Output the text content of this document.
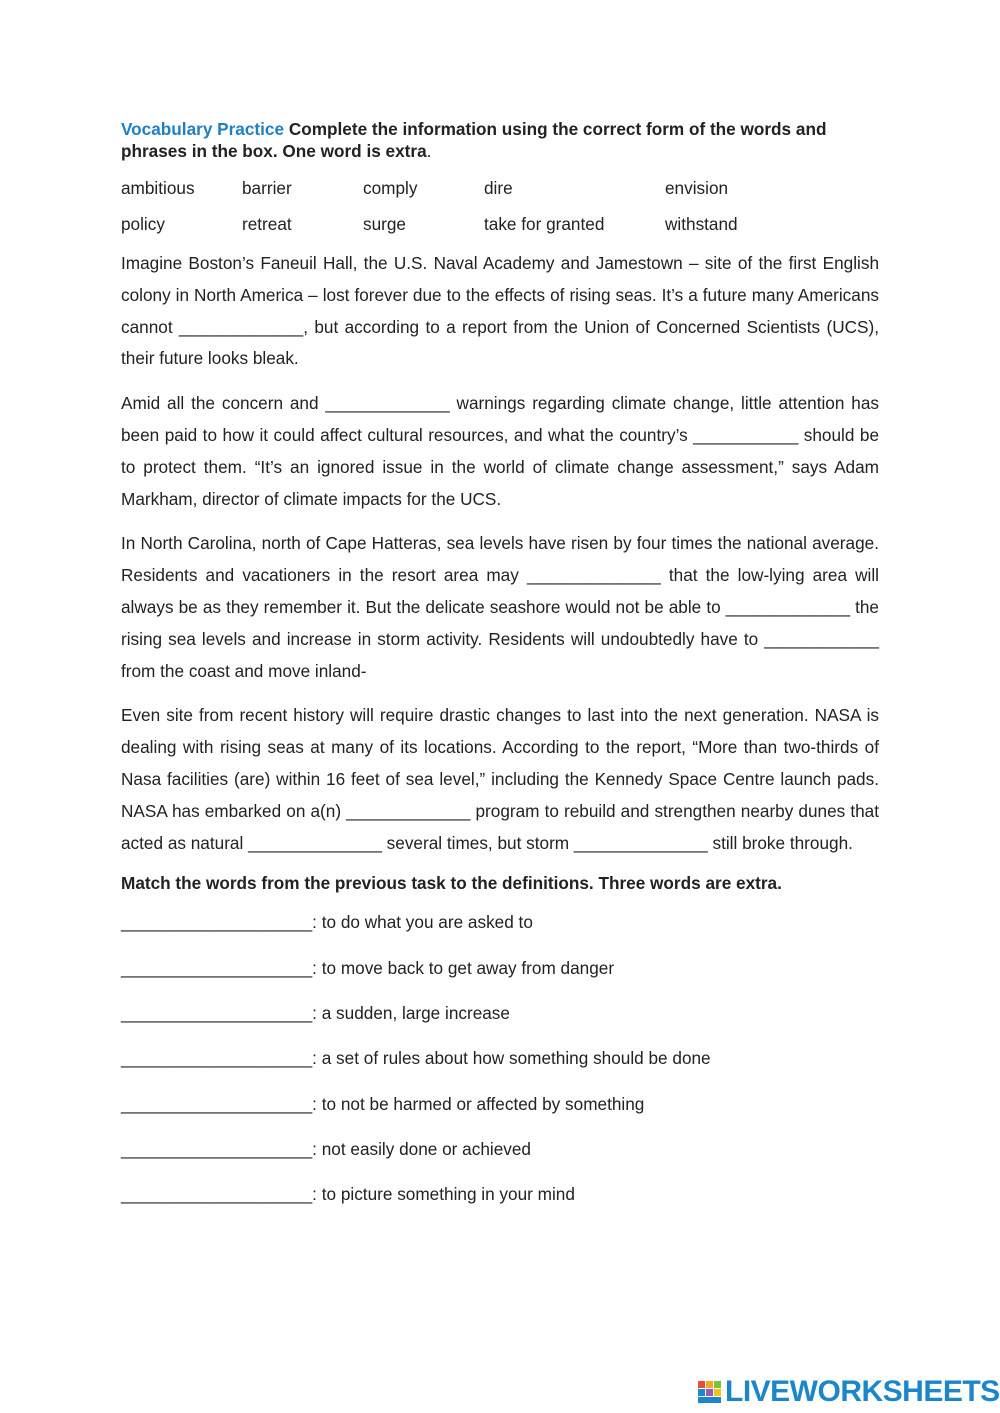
Vocabulary Practice Complete the information using the correct form of the words and phrases in the box. One word is extra.

ambitious	barrier	comply	dire	envision
policy	retreat	surge	take for granted	withstand

Imagine Boston’s Faneuil Hall, the U.S. Naval Academy and Jamestown – site of the first English colony in North America – lost forever due to the effects of rising seas. It’s a future many Americans cannot _____________, but according to a report from the Union of Concerned Scientists (UCS), their future looks bleak.

Amid all the concern and _____________ warnings regarding climate change, little attention has been paid to how it could affect cultural resources, and what the country’s ___________ should be to protect them. “It’s an ignored issue in the world of climate change assessment,” says Adam Markham, director of climate impacts for the UCS.

In North Carolina, north of Cape Hatteras, sea levels have risen by four times the national average. Residents and vacationers in the resort area may ______________ that the low-lying area will always be as they remember it. But the delicate seashore would not be able to _____________ the rising sea levels and increase in storm activity. Residents will undoubtedly have to ____________ from the coast and move inland-

Even site from recent history will require drastic changes to last into the next generation. NASA is dealing with rising seas at many of its locations. According to the report, “More than two-thirds of Nasa facilities (are) within 16 feet of sea level,” including the Kennedy Space Centre launch pads. NASA has embarked on a(n) _____________ program to rebuild and strengthen nearby dunes that acted as natural ______________ several times, but storm ______________ still broke through.

Match the words from the previous task to the definitions. Three words are extra.

____________________: to do what you are asked to
____________________: to move back to get away from danger
____________________: a sudden, large increase
____________________: a set of rules about how something should be done
____________________: to not be harmed or affected by something
____________________: not easily done or achieved
____________________: to picture something in your mind
LIVEWORKSHEETS
